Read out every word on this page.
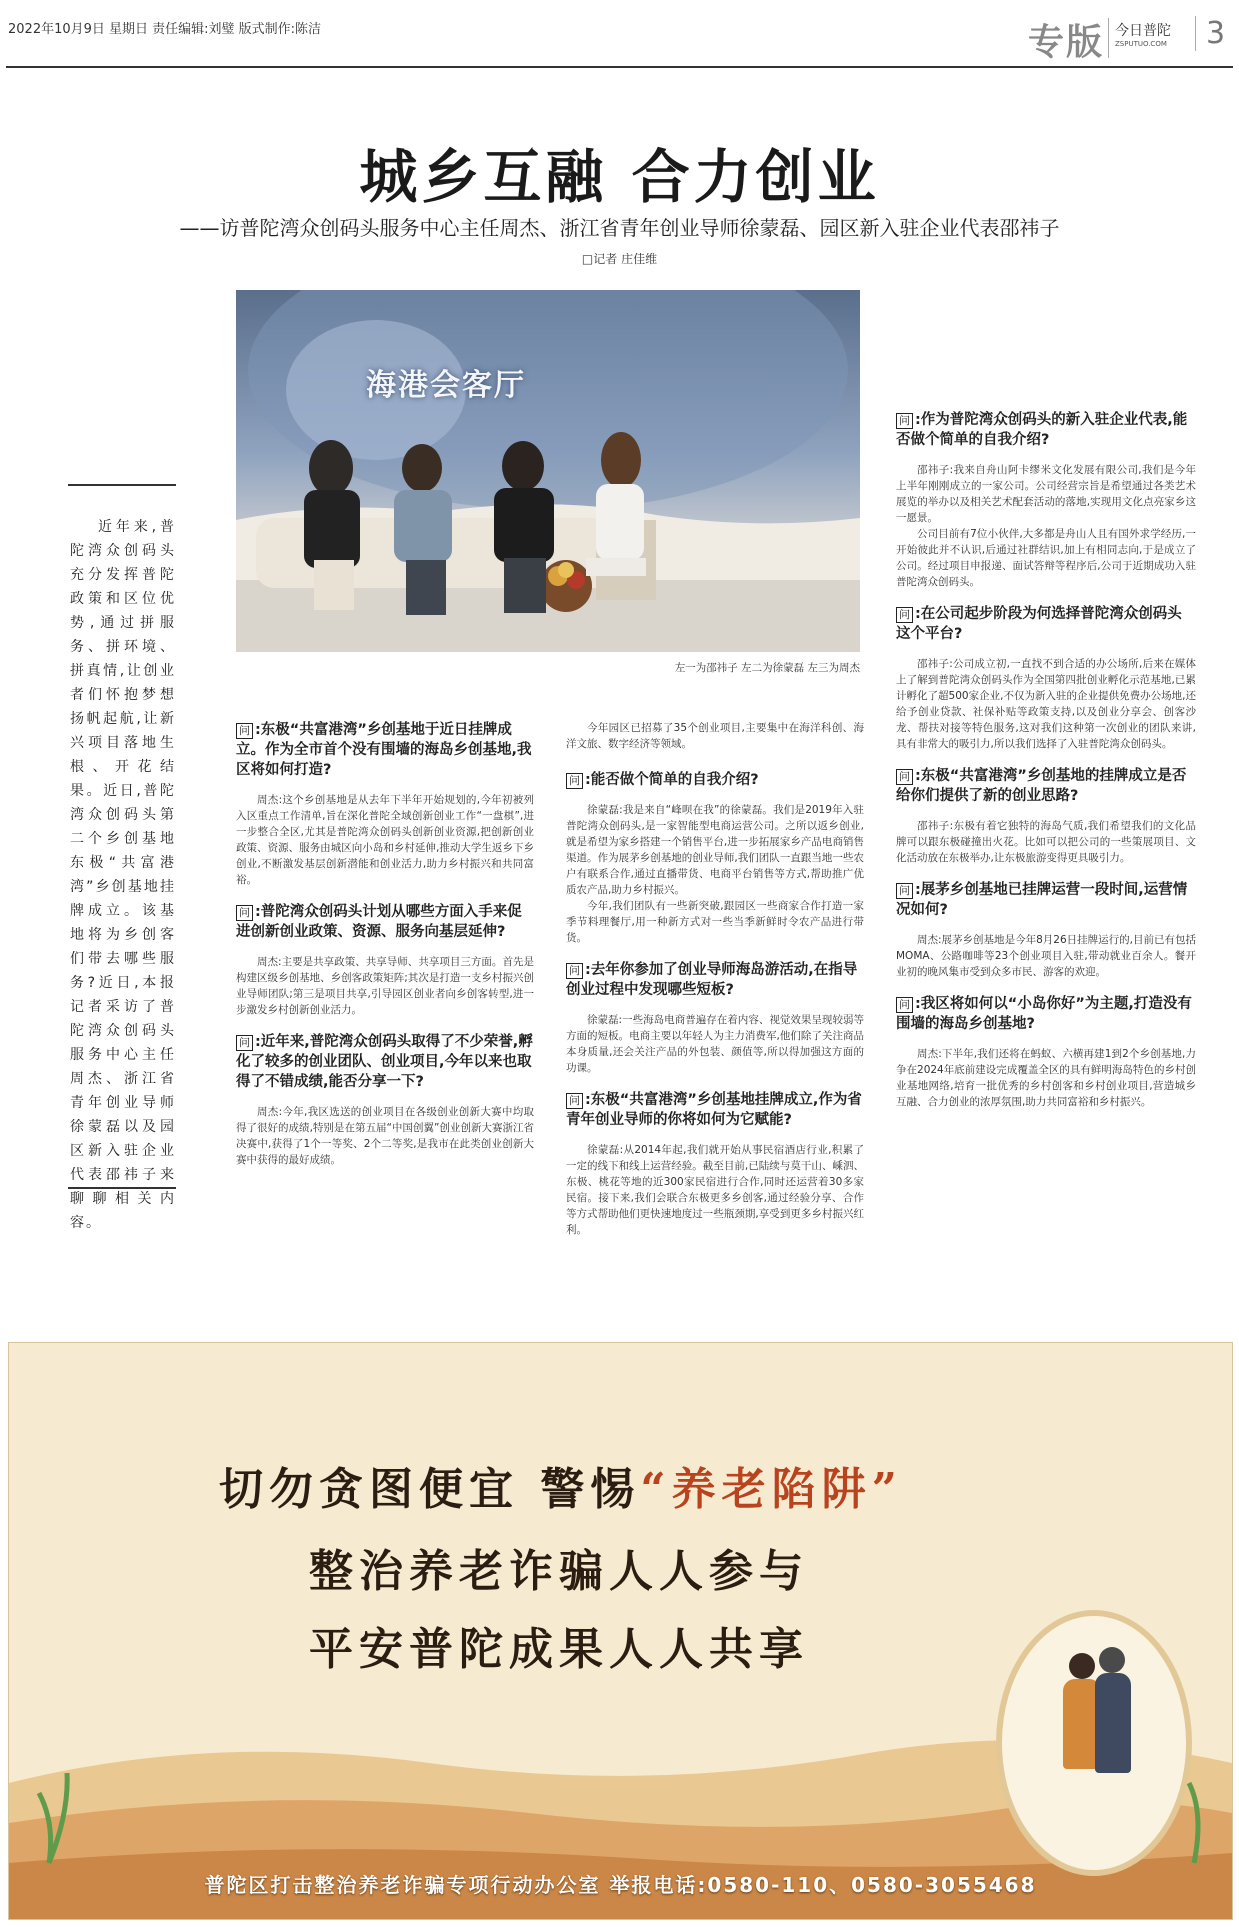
2022年10月9日 星期日 责任编辑:刘璧 版式制作:陈洁	专版 今日普陀
ZSPUTUO.COM	3
城乡互融 合力创业
——访普陀湾众创码头服务中心主任周杰、浙江省青年创业导师徐蒙磊、园区新入驻企业代表邵祎子
□记者 庄佳维
近年来,普陀湾众创码头充分发挥普陀政策和区位优势,通过拼服务、拼环境、拼真情,让创业者们怀抱梦想扬帆起航,让新兴项目落地生根、开花结果。近日,普陀湾众创码头第二个乡创基地东极“共富港湾”乡创基地挂牌成立。该基地将为乡创客们带去哪些服务?近日,本报记者采访了普陀湾众创码头服务中心主任周杰、浙江省青年创业导师徐蒙磊以及园区新入驻企业代表邵祎子来聊聊相关内容。
海港会客厅
左一为邵祎子 左二为徐蒙磊 左三为周杰
问 :东极“共富港湾”乡创基地于近日挂牌成立。作为全市首个没有围墙的海岛乡创基地,我区将如何打造?

周杰:这个乡创基地是从去年下半年开始规划的,今年初被列入区重点工作清单,旨在深化普陀全域创新创业工作“一盘棋”,进一步整合全区,尤其是普陀湾众创码头创新创业资源,把创新创业政策、资源、服务由城区向小岛和乡村延伸,推动大学生返乡下乡创业,不断激发基层创新潜能和创业活力,助力乡村振兴和共同富裕。

问 :普陀湾众创码头计划从哪些方面入手来促进创新创业政策、资源、服务向基层延伸?

周杰:主要是共享政策、共享导师、共享项目三方面。首先是构建区级乡创基地、乡创客政策矩阵;其次是打造一支乡村振兴创业导师团队;第三是项目共享,引导园区创业者向乡创客转型,进一步激发乡村创新创业活力。

问 :近年来,普陀湾众创码头取得了不少荣誉,孵化了较多的创业团队、创业项目,今年以来也取得了不错成绩,能否分享一下?

周杰:今年,我区选送的创业项目在各级创业创新大赛中均取得了很好的成绩,特别是在第五届“中国创翼”创业创新大赛浙江省决赛中,获得了1个一等奖、2个二等奖,是我市在此类创业创新大赛中获得的最好成绩。

今年园区已招募了35个创业项目,主要集中在海洋科创、海洋文旅、数字经济等领域。

问 :能否做个简单的自我介绍?

徐蒙磊:我是来自“峰呗在我”的徐蒙磊。我们是2019年入驻普陀湾众创码头,是一家智能型电商运营公司。之所以返乡创业,就是希望为家乡搭建一个销售平台,进一步拓展家乡产品电商销售渠道。作为展茅乡创基地的创业导师,我们团队一直跟当地一些农户有联系合作,通过直播带货、电商平台销售等方式,帮助推广优质农产品,助力乡村振兴。

今年,我们团队有一些新突破,跟园区一些商家合作打造一家季节料理餐厅,用一种新方式对一些当季新鲜时令农产品进行带货。

问 :去年你参加了创业导师海岛游活动,在指导创业过程中发现哪些短板?

徐蒙磊:一些海岛电商普遍存在着内容、视觉效果呈现较弱等方面的短板。电商主要以年轻人为主力消费军,他们除了关注商品本身质量,还会关注产品的外包装、颜值等,所以得加强这方面的功课。

问 :东极“共富港湾”乡创基地挂牌成立,作为省青年创业导师的你将如何为它赋能?

徐蒙磊:从2014年起,我们就开始从事民宿酒店行业,积累了一定的线下和线上运营经验。截至目前,已陆续与莫干山、嵊泗、东极、桃花等地的近300家民宿进行合作,同时还运营着30多家民宿。接下来,我们会联合东极更多乡创客,通过经验分享、合作等方式帮助他们更快速地度过一些瓶颈期,享受到更多乡村振兴红利。

问 :作为普陀湾众创码头的新入驻企业代表,能否做个简单的自我介绍?

邵祎子:我来自舟山阿卡缪米文化发展有限公司,我们是今年上半年刚刚成立的一家公司。公司经营宗旨是希望通过各类艺术展览的举办以及相关艺术配套活动的落地,实现用文化点亮家乡这一愿景。

公司目前有7位小伙伴,大多都是舟山人且有国外求学经历,一开始彼此并不认识,后通过社群结识,加上有相同志向,于是成立了公司。经过项目申报递、面试答辩等程序后,公司于近期成功入驻普陀湾众创码头。

问 :在公司起步阶段为何选择普陀湾众创码头这个平台?

邵祎子:公司成立初,一直找不到合适的办公场所,后来在媒体上了解到普陀湾众创码头作为全国第四批创业孵化示范基地,已累计孵化了超500家企业,不仅为新入驻的企业提供免费办公场地,还给予创业贷款、社保补贴等政策支持,以及创业分享会、创客沙龙、帮扶对接等特色服务,这对我们这种第一次创业的团队来讲,具有非常大的吸引力,所以我们选择了入驻普陀湾众创码头。

问 :东极“共富港湾”乡创基地的挂牌成立是否给你们提供了新的创业思路?

邵祎子:东极有着它独特的海岛气质,我们希望我们的文化品牌可以跟东极碰撞出火花。比如可以把公司的一些策展项目、文化活动放在东极举办,让东极旅游变得更具吸引力。

问 :展茅乡创基地已挂牌运营一段时间,运营情况如何?

周杰:展茅乡创基地是今年8月26日挂牌运行的,目前已有包括MOMA、公路咖啡等23个创业项目入驻,带动就业百余人。餐开业初的晚风集市受到众多市民、游客的欢迎。

问 :我区将如何以“小岛你好”为主题,打造没有围墙的海岛乡创基地?

周杰:下半年,我们还将在蚂蚁、六横再建1到2个乡创基地,力争在2024年底前建设完成覆盖全区的具有鲜明海岛特色的乡村创业基地网络,培育一批优秀的乡村创客和乡村创业项目,营造城乡互融、合力创业的浓厚氛围,助力共同富裕和乡村振兴。

切勿贪图便宜 警惕“养老陷阱”
整治养老诈骗人人参与
平安普陀成果人人共享
普陀区打击整治养老诈骗专项行动办公室 举报电话:0580-110、0580-3055468
